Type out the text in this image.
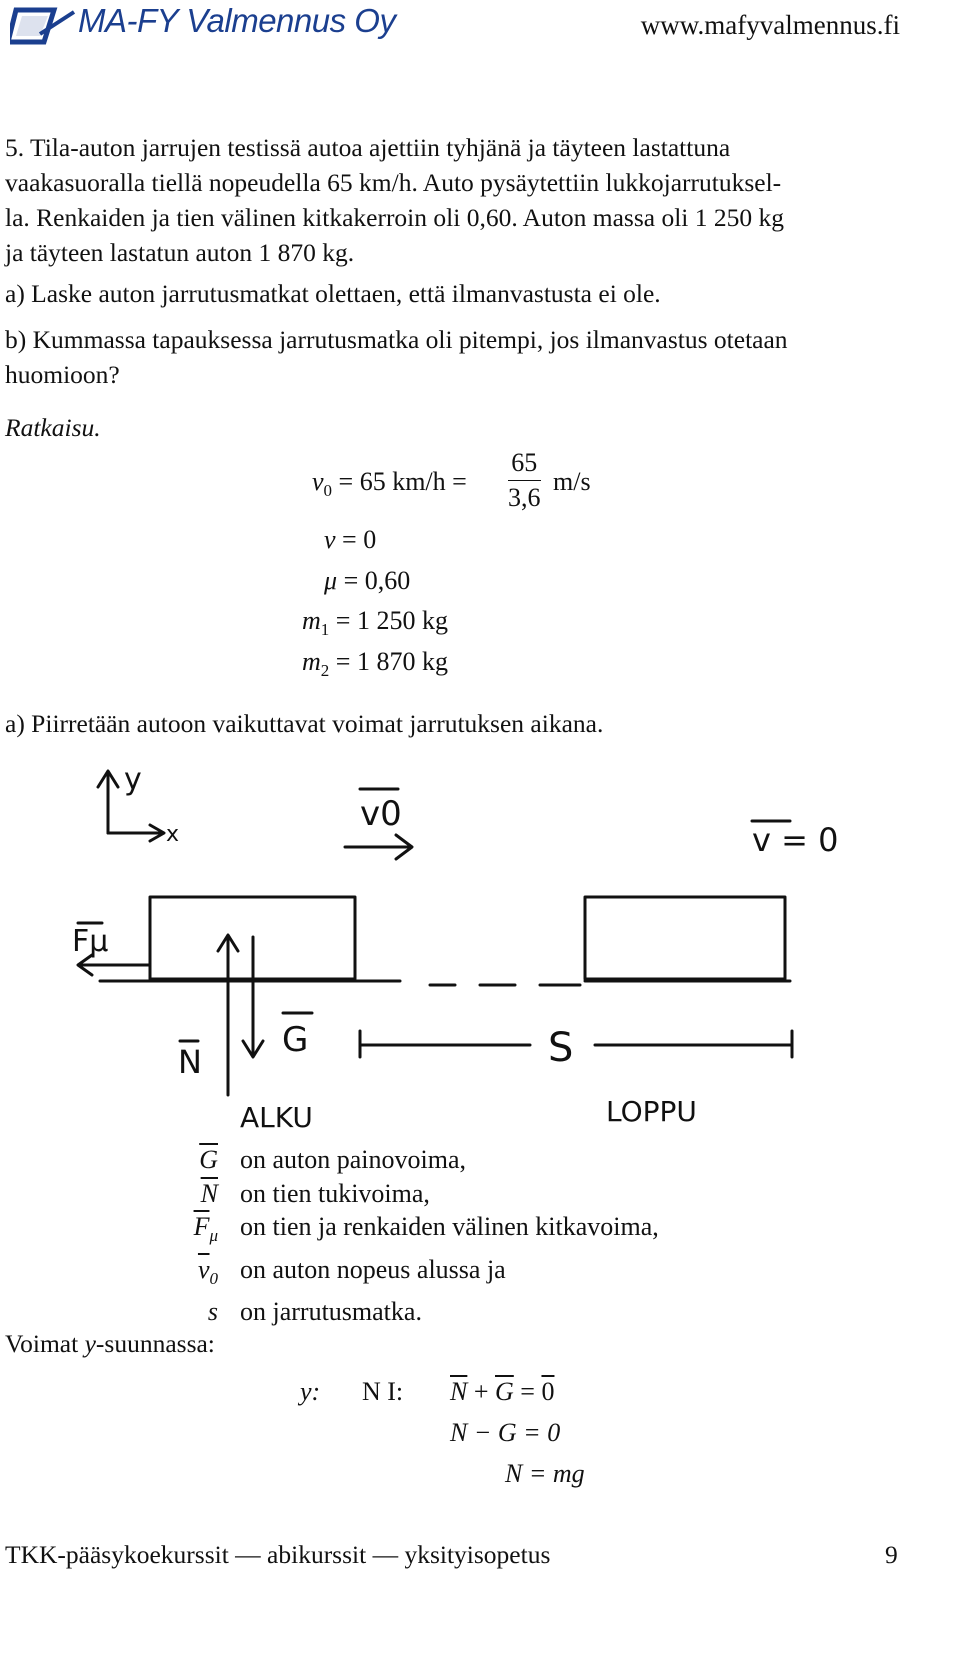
MA-FY Valmennus Oy	www.mafyvalmennus.fi
5. Tila-auton jarrujen testissä autoa ajettiin tyhjänä ja täyteen lastattuna
vaakasuoralla tiellä nopeudella 65 km/h. Auto pysäytettiin lukkojarrutuksel-
la. Renkaiden ja tien välinen kitkakerroin oli 0,60. Auton massa oli 1 250 kg
ja täyteen lastatun auton 1 870 kg.
a) Laske auton jarrutusmatkat olettaen, että ilmanvastusta ei ole.
b) Kummassa tapauksessa jarrutusmatka oli pitempi, jos ilmanvastus otetaan
huomioon?
Ratkaisu.
$v_0 = 65$ $km/h = \frac{65}{3,6} m/s$
v = 0
μ = 0,60
$m_1 = 1$ 250 kg
$m_2 = 1$ 870 kg
a) Piirretään autoon vaikuttavat voimat jarrutuksen aikana.
y
x
v0
v = 0
Fμ
N
G	S
ALKU	LOPPU
$\overline{G}$ on auton painovoima,
$\overline{N}$ on tien tukivoima,
$\overline{F}_\mu$ on tien ja renkaiden välinen kitkavoima,
$\overline{v}_0$ on auton nopeus alussa ja
s on jarrutusmatka.
Voimat y-suunnassa:
y: N I: $\overline{N} + \overline{G} = 0$
N − G = 0
N = mg
TKK-pääsykoekurssit — abikurssit — yksityisopetus	9
